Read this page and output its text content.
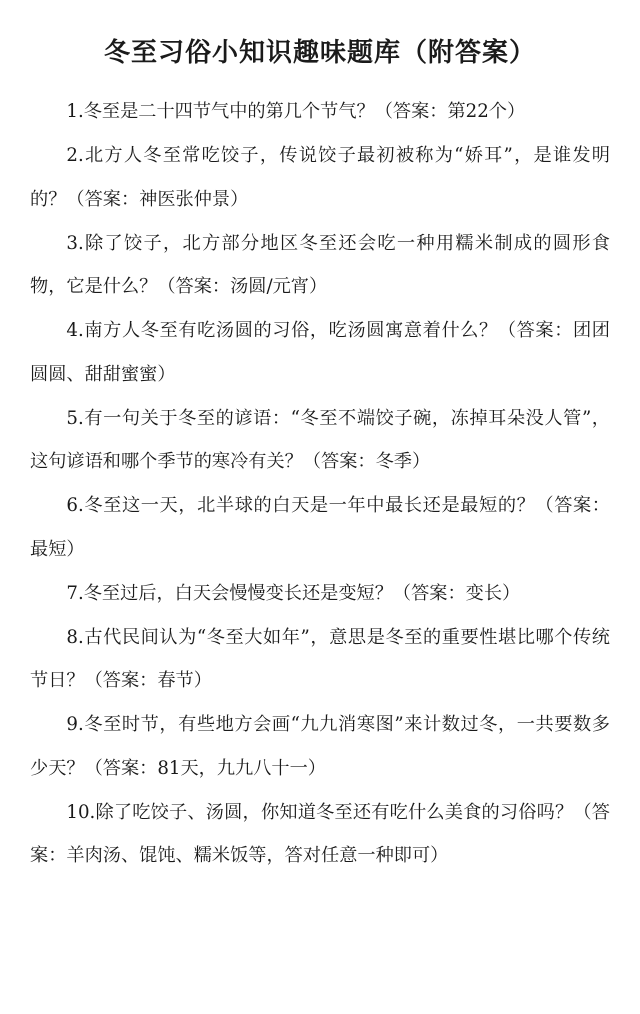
冬至习俗小知识趣味题库（附答案）
1.冬至是二十四节气中的第几个节气？（答案：第22个）
2.北方人冬至常吃饺子，传说饺子最初被称为“娇耳”，是谁发明的？（答案：神医张仲景）
3.除了饺子，北方部分地区冬至还会吃一种用糯米制成的圆形食物，它是什么？（答案：汤圆/元宵）
4.南方人冬至有吃汤圆的习俗，吃汤圆寓意着什么？（答案：团团圆圆、甜甜蜜蜜）
5.有一句关于冬至的谚语：“冬至不端饺子碗，冻掉耳朵没人管”，这句谚语和哪个季节的寒冷有关？（答案：冬季）
6.冬至这一天，北半球的白天是一年中最长还是最短的？（答案：最短）
7.冬至过后，白天会慢慢变长还是变短？（答案：变长）
8.古代民间认为“冬至大如年”，意思是冬至的重要性堪比哪个传统节日？（答案：春节）
9.冬至时节，有些地方会画“九九消寒图”来计数过冬，一共要数多少天？（答案：81天，九九八十一）
10.除了吃饺子、汤圆，你知道冬至还有吃什么美食的习俗吗？（答案：羊肉汤、馄饨、糯米饭等，答对任意一种即可）
